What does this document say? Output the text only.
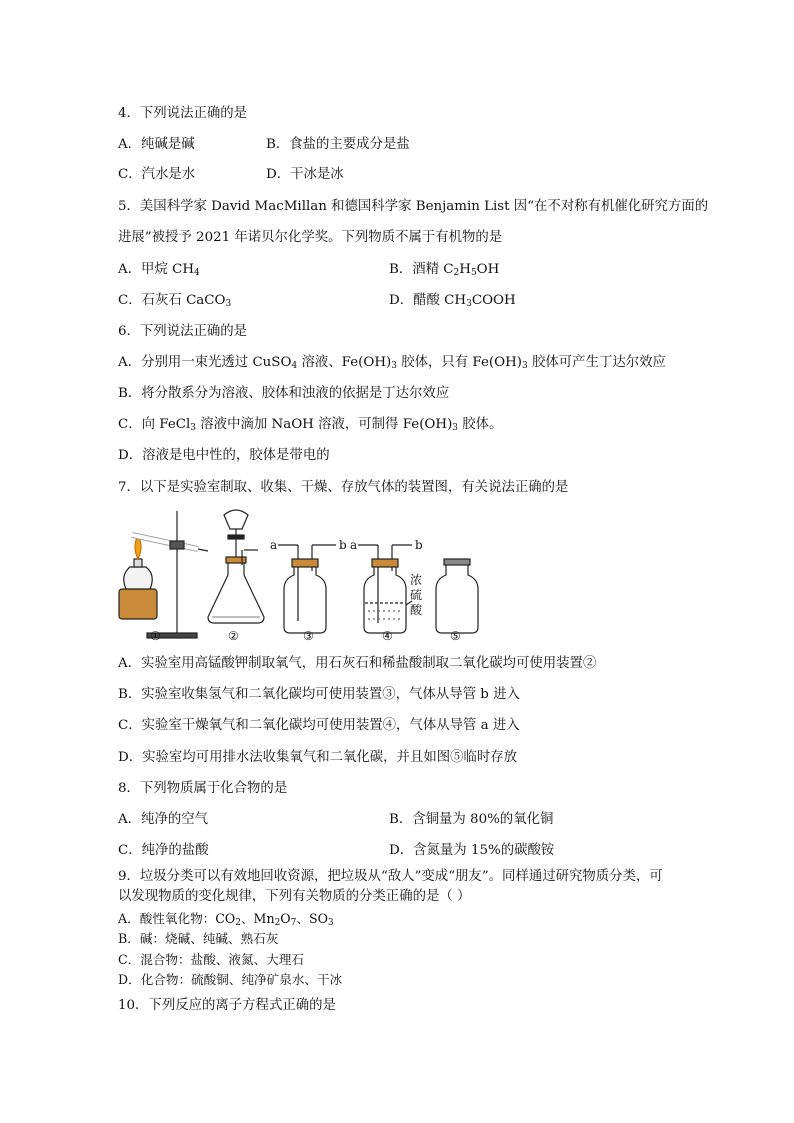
4．下列说法正确的是
A．纯碱是碱	B．食盐的主要成分是盐
C．汽水是水	D．干冰是冰
5．美国科学家 David MacMillan 和德国科学家 Benjamin List 因“在不对称有机催化研究方面的
进展”被授予 2021 年诺贝尔化学奖。下列物质不属于有机物的是
A．甲烷 $CH_4$	B．酒精 $C_2H_5OH$
C．石灰石 CaCO$_3$	D．醋酸 $CH_3COOH$
6．下列说法正确的是
A．分别用一束光透过 CuSO$_4$ 溶液、$Fe(OH)_3$ 胶体，只有 $Fe(OH)_3$ 胶体可产生丁达尔效应
B．将分散系分为溶液、胶体和浊液的依据是丁达尔效应
C．向 FeCl$_3$ 溶液中滴加 NaOH 溶液，可制得 $Fe(OH)_3$ 胶体。
D．溶液是电中性的，胶体是带电的
7．以下是实验室制取、收集、干燥、存放气体的装置图，有关说法正确的是
a	b a	b
浓
硫
酸
①	②	③	④	⑤
A．实验室用高锰酸钾制取氧气，用石灰石和稀盐酸制取二氧化碳均可使用装置②
B．实验室收集氢气和二氧化碳均可使用装置③，气体从导管 b 进入
C．实验室干燥氧气和二氧化碳均可使用装置④，气体从导管 a 进入
D．实验室均可用排水法收集氧气和二氧化碳，并且如图⑤临时存放
8．下列物质属于化合物的是
A．纯净的空气	B．含铜量为 80%的氧化铜
C．纯净的盐酸	D．含氮量为 15%的碳酸铵
9．垃圾分类可以有效地回收资源，把垃圾从“敌人”变成“朋友”。同样通过研究物质分类，可
以发现物质的变化规律，下列有关物质的分类正确的是（ ）
A．酸性氧化物：$CO_2$、$Mn_2O_7$、$SO_3$
B．碱：烧碱、纯碱、熟石灰
C．混合物：盐酸、液氮、大理石
D．化合物：硫酸铜、纯净矿泉水、干冰
10．下列反应的离子方程式正确的是
